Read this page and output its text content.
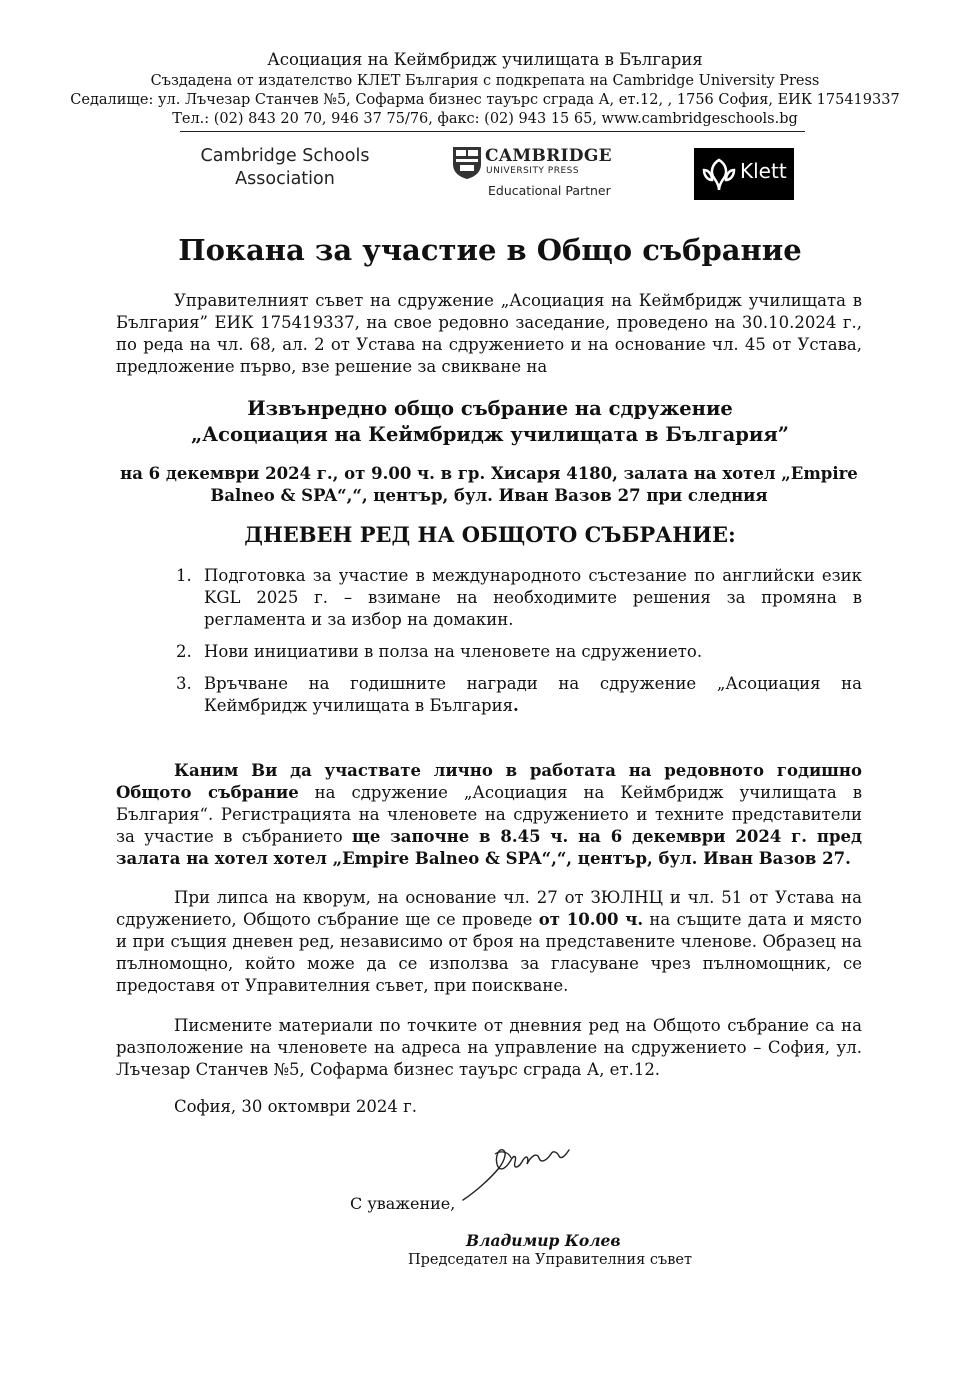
Асоциация на Кеймбридж училищата в България
Създадена от издателство КЛЕТ България с подкрепата на Cambridge University Press
Седалище: ул. Лъчезар Станчев №5, Софарма бизнес тауърс сграда А, ет.12, , 1756 София, ЕИК 175419337
Тел.: (02) 843 20 70, 946 37 75/76, факс: (02) 943 15 65, www.cambridgeschools.bg
Cambridge Schools
Association
CAMBRIDGE
UNIVERSITY PRESS
Educational Partner
Klett
Покана за участие в Общо събрание

Управителният съвет на сдружение „Асоциация на Кеймбридж училищата в България” ЕИК 175419337, на свое редовно заседание, проведено на 30.10.2024 г., по реда на чл. 68, ал. 2 от Устава на сдружението и на основание чл. 45 от Устава, предложение първо, взе решение за свикване на

Извънредно общо събрание на сдружение
„Асоциация на Кеймбридж училищата в България”
на 6 декември 2024 г., от 9.00 ч. в гр. Хисаря 4180, залата на хотел „Empire Balneo & SPA“,“, център, бул. Иван Вазов 27 при следния
ДНЕВЕН РЕД НА ОБЩОТО СЪБРАНИЕ:
1. Подготовка за участие в международното състезание по английски език KGL 2025 г. – взимане на необходимите решения за промяна в регламента и за избор на домакин.
2. Нови инициативи в полза на членовете на сдружението.
3. Връчване на годишните награди на сдружение „Асоциация на Кеймбридж училищата в България.

Каним Ви да участвате лично в работата на редовното годишно Общото събрание на сдружение „Асоциация на Кеймбридж училищата в България“. Регистрацията на членовете на сдружението и техните представители за участие в събранието ще започне в 8.45 ч. на 6 декември 2024 г. пред залата на хотел хотел „Empire Balneo & SPA“,“, център, бул. Иван Вазов 27.

При липса на кворум, на основание чл. 27 от ЗЮЛНЦ и чл. 51 от Устава на сдружението, Общото събрание ще се проведе от 10.00 ч. на същите дата и място и при същия дневен ред, независимо от броя на представените членове. Образец на пълномощно, който може да се използва за гласуване чрез пълномощник, се предоставя от Управителния съвет, при поискване.

Писмените материали по точките от дневния ред на Общото събрание са на разположение на членовете на адреса на управление на сдружението – София, ул. Лъчезар Станчев №5, Софарма бизнес тауърс сграда А, ет.12.

София, 30 октомври 2024 г.
С уважение,
Владимир Колев
Председател на Управителния съвет
